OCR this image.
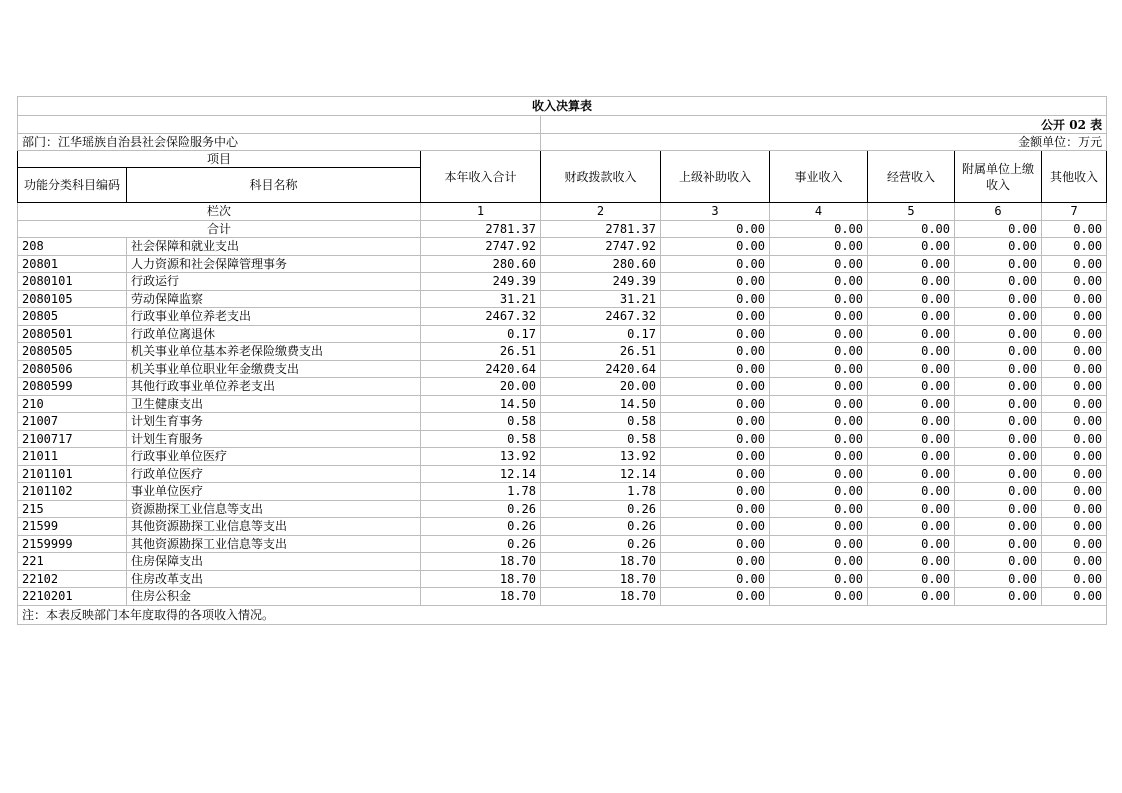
收入决算表								
			公开 02 表					
部门：江华瑶族自治县社会保险服务中心			金额单位：万元					
项目		本年收入合计	财政拨款收入	上级补助收入	事业收入	经营收入	附属单位上缴收入	其他收入
功能分类科目编码	科目名称							
栏次		1	2	3	4	5	6	7
合计		2781.37	2781.37	0.00	0.00	0.00	0.00	0.00
208	社会保障和就业支出	2747.92	2747.92	0.00	0.00	0.00	0.00	0.00
20801	人力资源和社会保障管理事务	280.60	280.60	0.00	0.00	0.00	0.00	0.00
2080101	行政运行	249.39	249.39	0.00	0.00	0.00	0.00	0.00
2080105	劳动保障监察	31.21	31.21	0.00	0.00	0.00	0.00	0.00
20805	行政事业单位养老支出	2467.32	2467.32	0.00	0.00	0.00	0.00	0.00
2080501	行政单位离退休	0.17	0.17	0.00	0.00	0.00	0.00	0.00
2080505	机关事业单位基本养老保险缴费支出	26.51	26.51	0.00	0.00	0.00	0.00	0.00
2080506	机关事业单位职业年金缴费支出	2420.64	2420.64	0.00	0.00	0.00	0.00	0.00
2080599	其他行政事业单位养老支出	20.00	20.00	0.00	0.00	0.00	0.00	0.00
210	卫生健康支出	14.50	14.50	0.00	0.00	0.00	0.00	0.00
21007	计划生育事务	0.58	0.58	0.00	0.00	0.00	0.00	0.00
2100717	计划生育服务	0.58	0.58	0.00	0.00	0.00	0.00	0.00
21011	行政事业单位医疗	13.92	13.92	0.00	0.00	0.00	0.00	0.00
2101101	行政单位医疗	12.14	12.14	0.00	0.00	0.00	0.00	0.00
2101102	事业单位医疗	1.78	1.78	0.00	0.00	0.00	0.00	0.00
215	资源勘探工业信息等支出	0.26	0.26	0.00	0.00	0.00	0.00	0.00
21599	其他资源勘探工业信息等支出	0.26	0.26	0.00	0.00	0.00	0.00	0.00
2159999	其他资源勘探工业信息等支出	0.26	0.26	0.00	0.00	0.00	0.00	0.00
221	住房保障支出	18.70	18.70	0.00	0.00	0.00	0.00	0.00
22102	住房改革支出	18.70	18.70	0.00	0.00	0.00	0.00	0.00
2210201	住房公积金	18.70	18.70	0.00	0.00	0.00	0.00	0.00
注：本表反映部门本年度取得的各项收入情况。								
